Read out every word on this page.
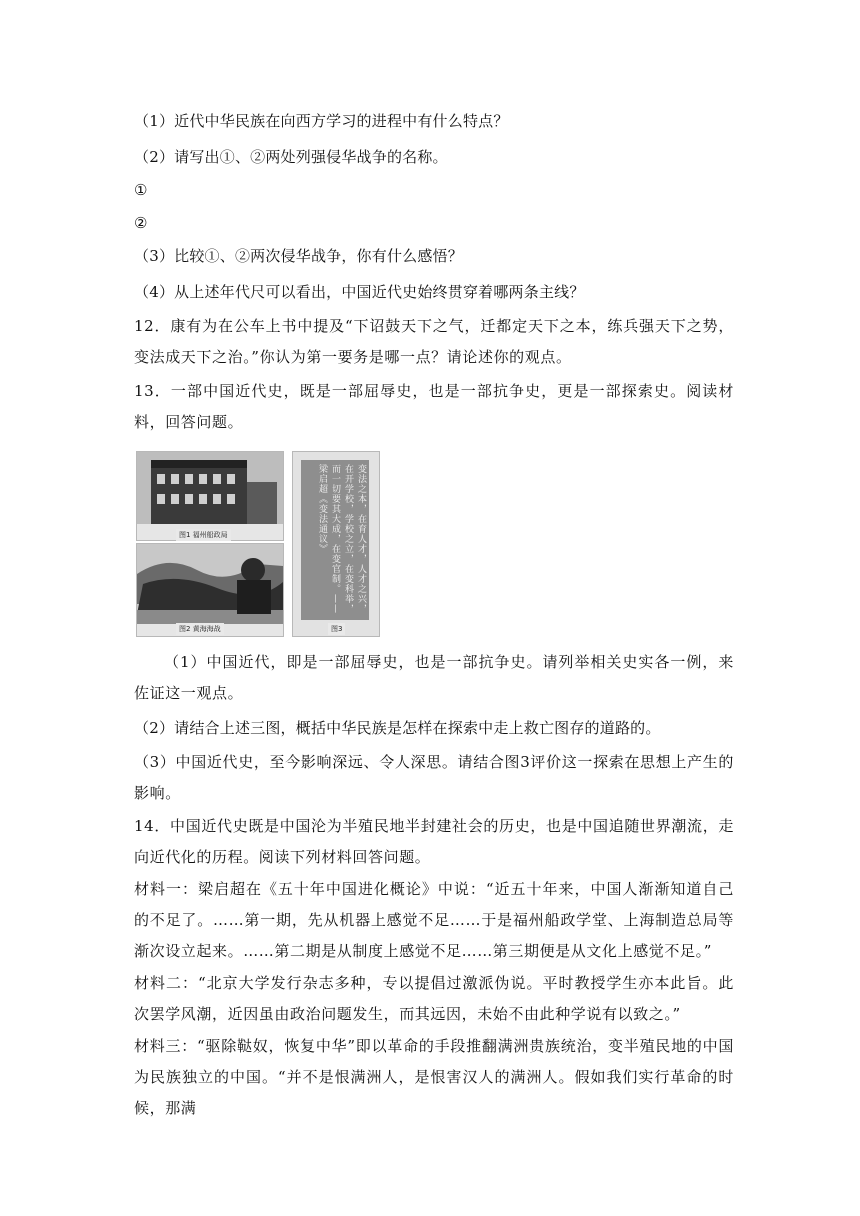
（1）近代中华民族在向西方学习的进程中有什么特点？
（2）请写出①、②两处列强侵华战争的名称。
①
②
（3）比较①、②两次侵华战争，你有什么感悟？
（4）从上述年代尺可以看出，中国近代史始终贯穿着哪两条主线？
12．康有为在公车上书中提及“下诏鼓天下之气，迁都定天下之本，练兵强天下之势，变法成天下之治。”你认为第一要务是哪一点？请论述你的观点。
13．一部中国近代史，既是一部屈辱史，也是一部抗争史，更是一部探索史。阅读材料，回答问题。
图1 福州船政局
图2 黄海海战
变法之本，在育人才，人才之兴，在开学校，学校之立，在变科举，而一切要其大成，在变官制。——梁启超《变法通议》
图3
（1）中国近代，即是一部屈辱史，也是一部抗争史。请列举相关史实各一例，来佐证这一观点。
（2）请结合上述三图，概括中华民族是怎样在探索中走上救亡图存的道路的。
（3）中国近代史，至今影响深远、令人深思。请结合图3评价这一探索在思想上产生的影响。
14．中国近代史既是中国沦为半殖民地半封建社会的历史，也是中国追随世界潮流，走向近代化的历程。阅读下列材料回答问题。
材料一：梁启超在《五十年中国进化概论》中说：“近五十年来，中国人渐渐知道自己的不足了。……第一期，先从机器上感觉不足……于是福州船政学堂、上海制造总局等渐次设立起来。……第二期是从制度上感觉不足……第三期便是从文化上感觉不足。”
材料二：“北京大学发行杂志多种，专以提倡过激派伪说。平时教授学生亦本此旨。此次罢学风潮，近因虽由政治问题发生，而其远因，未始不由此种学说有以致之。”
材料三：“驱除鞑奴，恢复中华”即以革命的手段推翻满洲贵族统治，变半殖民地的中国为民族独立的中国。“并不是恨满洲人，是恨害汉人的满洲人。假如我们实行革命的时候，那满
